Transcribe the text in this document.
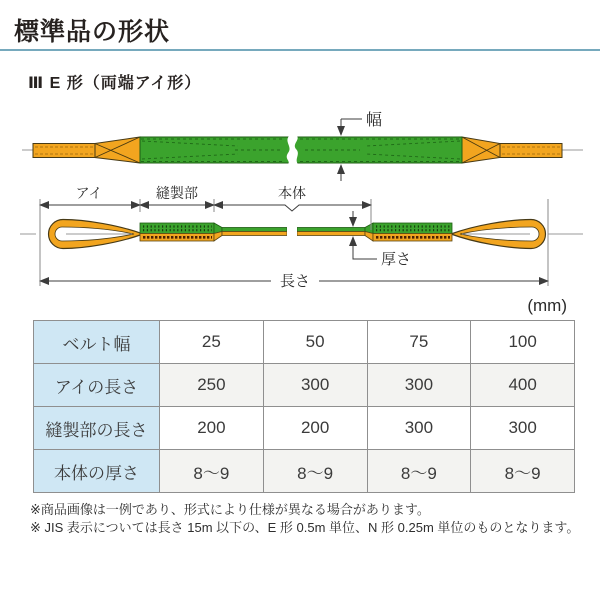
標準品の形状
Ⅲ E 形（両端アイ形）
幅
アイ	縫製部	本体
厚さ
長さ
(mm)
ベルト幅	25	50	75	100
アイの長さ	250	300	300	400
縫製部の長さ	200	200	300	300
本体の厚さ	8～9	8～9	8～9	8～9

※商品画像は一例であり、形式により仕様が異なる場合があります。

※ JIS 表示については長さ 15m 以下の、E 形 0.5m 単位、N 形 0.25m 単位のものとなります。
